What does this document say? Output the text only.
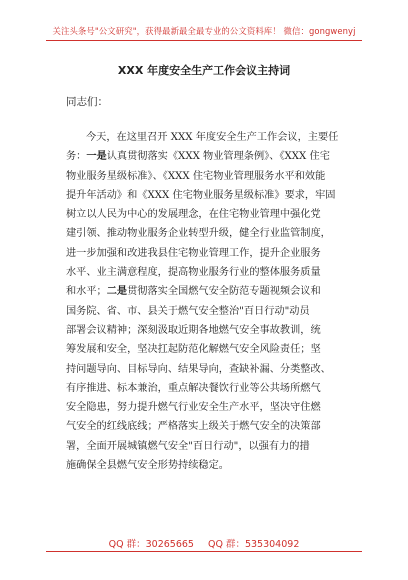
关注头条号"公文研究"，获得最新最全最专业的公文资料库！ 微信：gongwenyj
XXX 年度安全生产工作会议主持词
同志们：
今天，在这里召开 XXX 年度安全生产工作会议，主要任
务：一是认真贯彻落实《XXX 物业管理条例》、《XXX 住宅
物业服务星级标准》、《XXX 住宅物业管理服务水平和效能
提升年活动》和《XXX 住宅物业服务星级标准》要求，牢固
树立以人民为中心的发展理念，在住宅物业管理中强化党
建引领、推动物业服务企业转型升级，健全行业监管制度，
进一步加强和改进我县住宅物业管理工作，提升企业服务
水平、业主满意程度，提高物业服务行业的整体服务质量
和水平；二是贯彻落实全国燃气安全防范专题视频会议和
国务院、省、市、县关于燃气安全整治"百日行动"动员
部署会议精神；深刻汲取近期各地燃气安全事故教训，统
筹发展和安全，坚决扛起防范化解燃气安全风险责任；坚
持问题导向、目标导向、结果导向，查缺补漏、分类整改、
有序推进、标本兼治，重点解决餐饮行业等公共场所燃气
安全隐患，努力提升燃气行业安全生产水平，坚决守住燃
气安全的红线底线；严格落实上级关于燃气安全的决策部
署，全面开展城镇燃气安全"百日行动"，以强有力的措
施确保全县燃气安全形势持续稳定。
QQ 群：30265665 QQ 群：535304092
